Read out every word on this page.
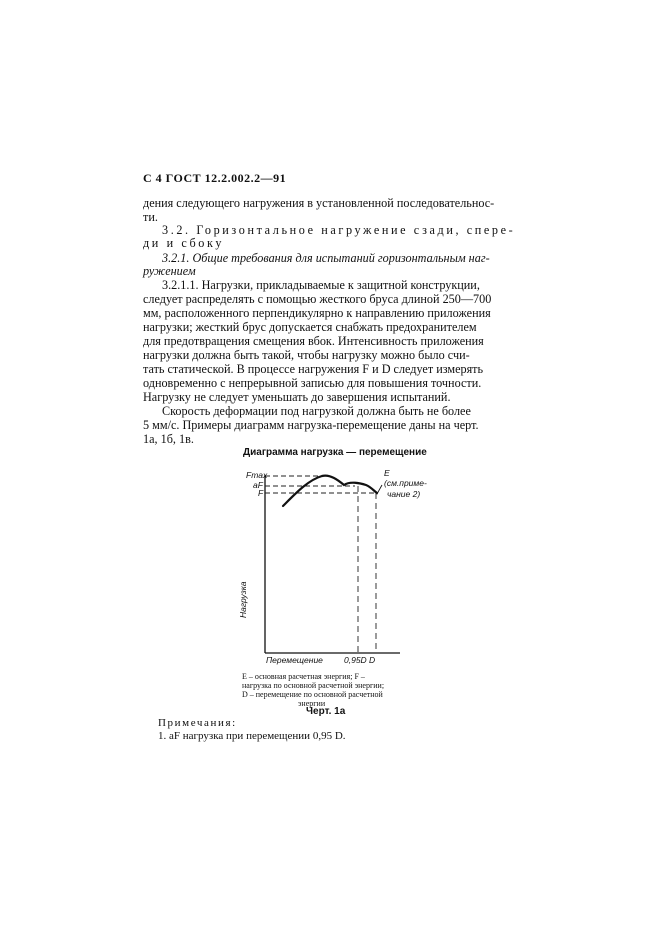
С 4 ГОСТ 12.2.002.2—91
дения следующего нагружения в установленной последовательнос-
ти.
3.2. Горизонтальное нагружение сзади, спере-
ди и сбоку
3.2.1. Общие требования для испытаний горизонтальным наг-
ружением
3.2.1.1. Нагрузки, прикладываемые к защитной конструкции,
следует распределять с помощью жесткого бруса длиной 250—700
мм, расположенного перпендикулярно к направлению приложения
нагрузки; жесткий брус допускается снабжать предохранителем
для предотвращения смещения вбок. Интенсивность приложения
нагрузки должна быть такой, чтобы нагрузку можно было счи-
тать статической. В процессе нагружения F и D следует измерять
одновременно с непрерывной записью для повышения точности.
Нагрузку не следует уменьшать до завершения испытаний.
Скорость деформации под нагрузкой должна быть не более
5 мм/с. Примеры диаграмм нагрузка-перемещение даны на черт.
1а, 1б, 1в.
Диаграмма нагрузка — перемещение
Fmax
aF
F
E
(см.приме-
чание 2)
Нагрузка
Перемещение 0,95D D
E – основная расчетная энергия; F –
нагрузка по основной расчетной энергии;
D – перемещение по основной расчетной
энергии
Черт. 1а
Примечания:
1. aF нагрузка при перемещении 0,95 D.
